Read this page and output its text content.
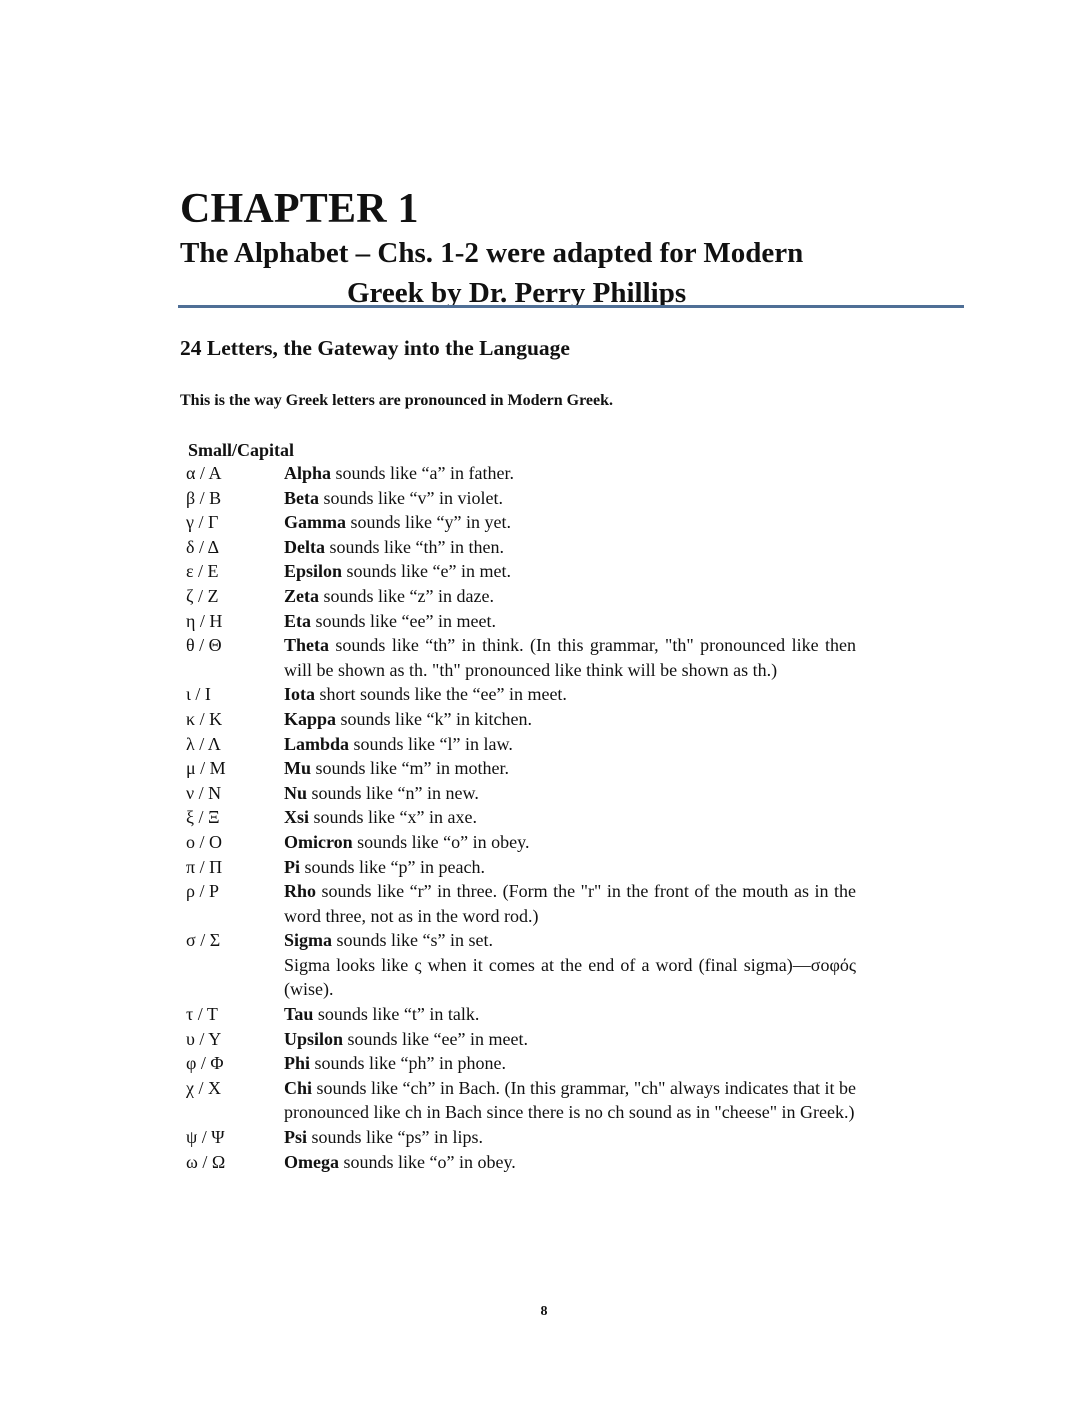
CHAPTER 1
The Alphabet – Chs. 1-2 were adapted for Modern
Greek by Dr. Perry Phillips
24 Letters, the Gateway into the Language

This is the way Greek letters are pronounced in Modern Greek.

Small/Capital
α / Α	Alpha sounds like “a” in father.
β / Β	Beta sounds like “v” in violet.
γ / Γ	Gamma sounds like “y” in yet.
δ / Δ	Delta sounds like “th” in then.
ε / Ε	Epsilon sounds like “e” in met.
ζ / Ζ	Zeta sounds like “z” in daze.
η / Η	Eta sounds like “ee” in meet.
θ / Θ	Theta sounds like “th” in think. (In this grammar, "th" pronounced like then will be shown as th. "th" pronounced like think will be shown as th.)
ι / Ι	Iota short sounds like the “ee” in meet.
κ / Κ	Kappa sounds like “k” in kitchen.
λ / Λ	Lambda sounds like “l” in law.
μ / Μ	Mu sounds like “m” in mother.
ν / Ν	Nu sounds like “n” in new.
ξ / Ξ	Xsi sounds like “x” in axe.
ο / Ο	Omicron sounds like “o” in obey.
π / Π	Pi sounds like “p” in peach.
ρ / Ρ	Rho sounds like “r” in three. (Form the "r" in the front of the mouth as in the word three, not as in the word rod.)
σ / Σ	Sigma sounds like “s” in set.
Sigma looks like ς when it comes at the end of a word (final sigma)—σοφός (wise).
τ / Τ	Tau sounds like “t” in talk.
υ / Υ	Upsilon sounds like “ee” in meet.
φ / Φ	Phi sounds like “ph” in phone.
χ / Χ	Chi sounds like “ch” in Bach. (In this grammar, "ch" always indicates that it be pronounced like ch in Bach since there is no ch sound as in "cheese" in Greek.)
ψ / Ψ	Psi sounds like “ps” in lips.
ω / Ω	Omega sounds like “o” in obey.
8
